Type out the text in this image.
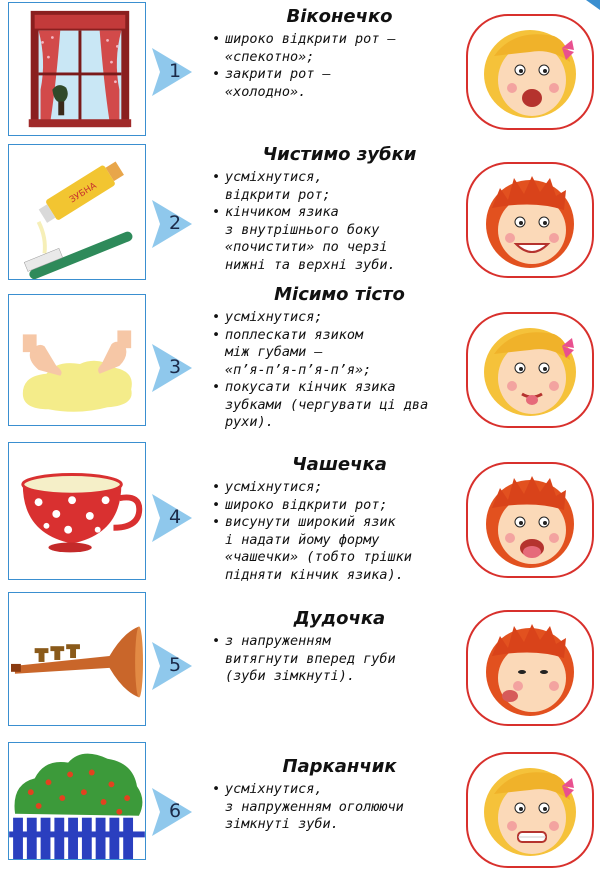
1
Віконечко
• широко відкрити рот —
«спекотно»;
• закрити рот —
«холодно».
ЗУБНА
2
Чистимо зубки
• усміхнутися,
відкрити рот;
• кінчиком язика
з внутрішнього боку
«почистити» по черзі
нижні та верхні зуби.
3
Місимо тісто
• усміхнутися;
• поплескати язиком
між губами —
«п’я-п’я-п’я-п’я»;
• покусати кінчик язика
зубками (чергувати ці два
рухи).
4
Чашечка
• усміхнутися;
• широко відкрити рот;
• висунути широкий язик
і надати йому форму
«чашечки» (тобто трішки
підняти кінчик язика).
5
Дудочка
• з напруженням
витягнути вперед губи
(зуби зімкнуті).
6
Парканчик
• усміхнутися,
з напруженням оголюючи
зімкнуті зуби.
